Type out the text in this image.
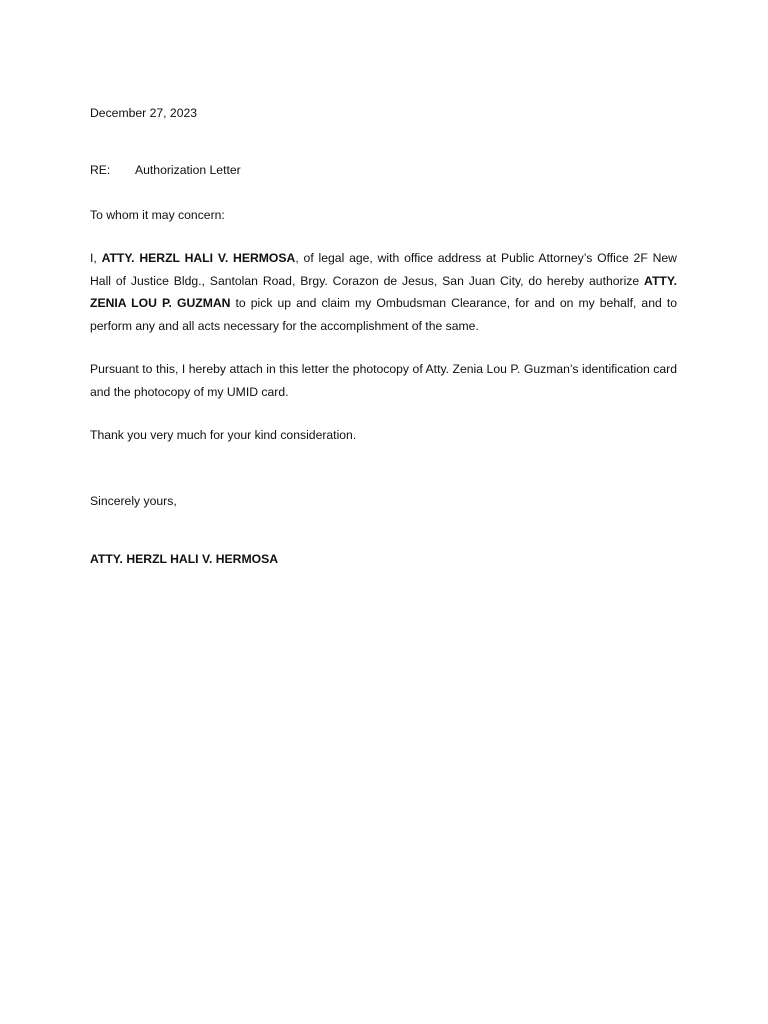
December 27, 2023
RE: Authorization Letter
To whom it may concern:
I, ATTY. HERZL HALI V. HERMOSA, of legal age, with office address at Public Attorney’s Office 2F New Hall of Justice Bldg., Santolan Road, Brgy. Corazon de Jesus, San Juan City, do hereby authorize ATTY. ZENIA LOU P. GUZMAN to pick up and claim my Ombudsman Clearance, for and on my behalf, and to perform any and all acts necessary for the accomplishment of the same.
Pursuant to this, I hereby attach in this letter the photocopy of Atty. Zenia Lou P. Guzman’s identification card and the photocopy of my UMID card.
Thank you very much for your kind consideration.
Sincerely yours,
ATTY. HERZL HALI V. HERMOSA
